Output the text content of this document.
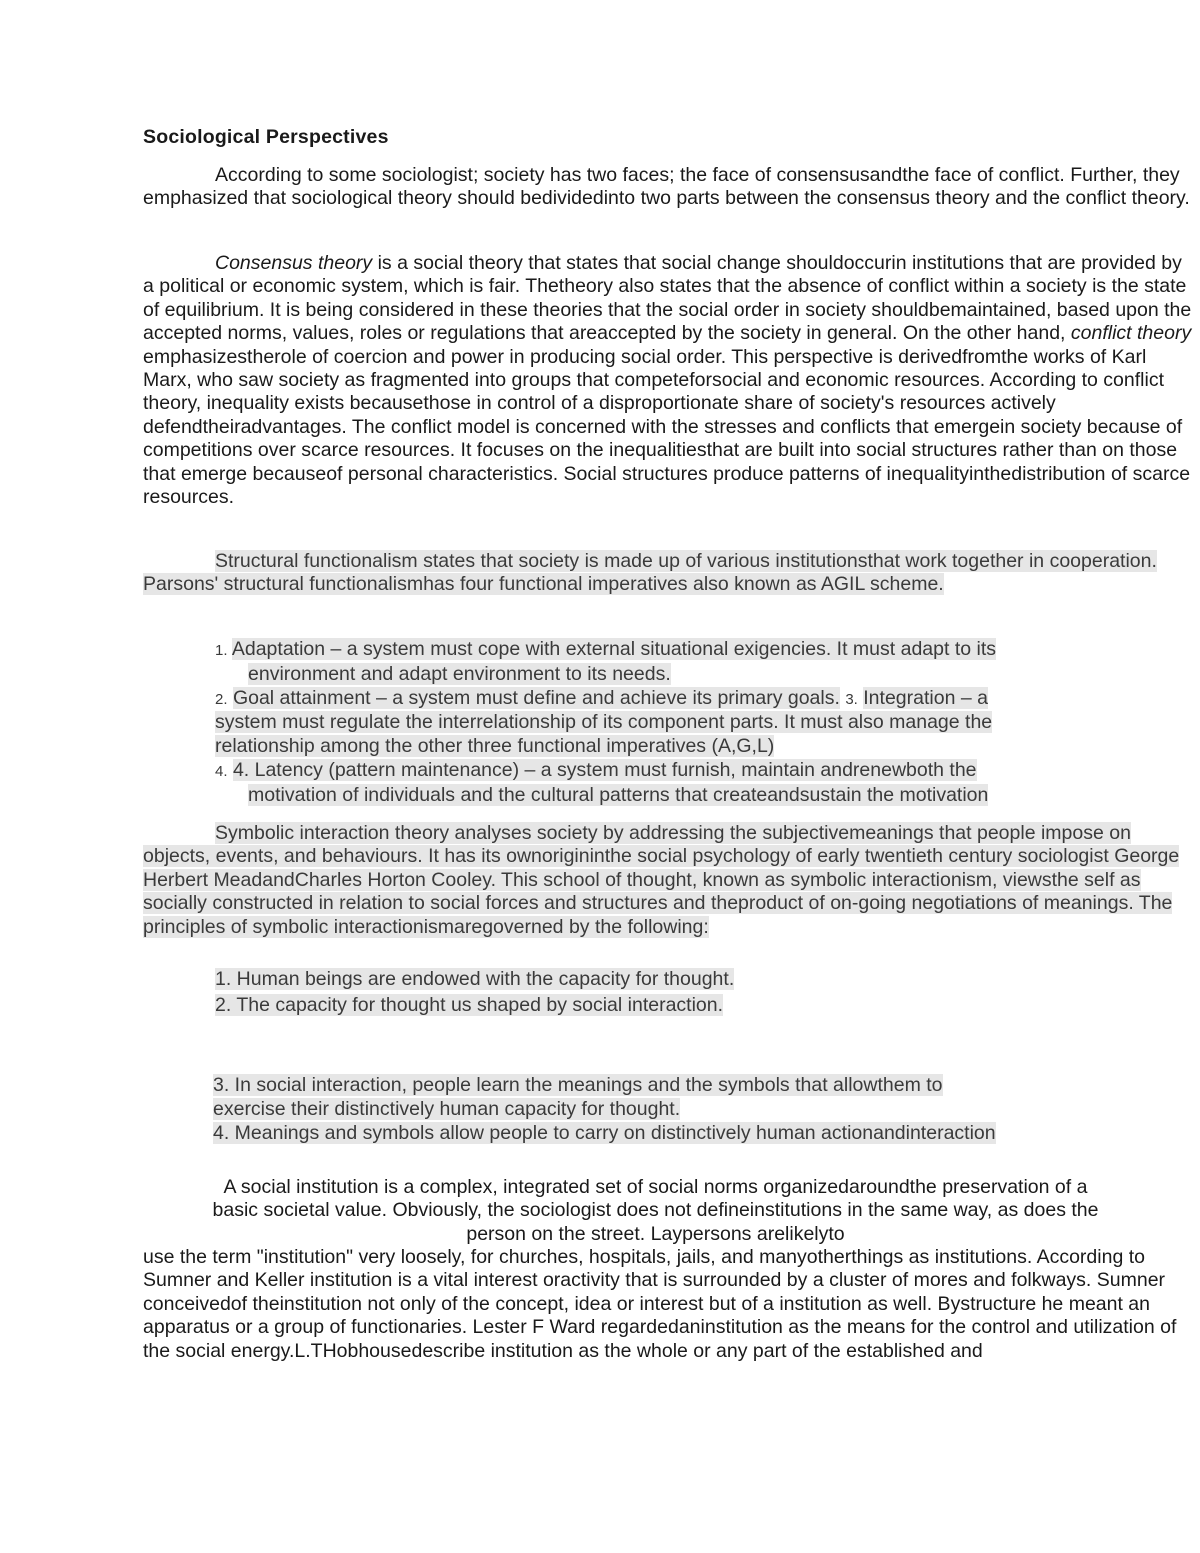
Sociological Perspectives

According to some sociologist; society has two faces; the face of consensusandthe face of conflict. Further, they emphasized that sociological theory should bedividedinto two parts between the consensus theory and the conflict theory.

Consensus theory is a social theory that states that social change shouldoccurin institutions that are provided by a political or economic system, which is fair. Thetheory also states that the absence of conflict within a society is the state of equilibrium. It is being considered in these theories that the social order in society shouldbemaintained, based upon the accepted norms, values, roles or regulations that areaccepted by the society in general. On the other hand, conflict theory emphasizestherole of coercion and power in producing social order. This perspective is derivedfromthe works of Karl Marx, who saw society as fragmented into groups that competeforsocial and economic resources. According to conflict theory, inequality exists becausethose in control of a disproportionate share of society's resources actively defendtheiradvantages. The conflict model is concerned with the stresses and conflicts that emergein society because of competitions over scarce resources. It focuses on the inequalitiesthat are built into social structures rather than on those that emerge becauseof personal characteristics. Social structures produce patterns of inequalityinthedistribution of scarce resources.

Structural functionalism states that society is made up of various institutionsthat work together in cooperation. Parsons' structural functionalismhas four functional imperatives also known as AGIL scheme.

1. Adaptation – a system must cope with external situational exigencies. It must adapt to its
environment and adapt environment to its needs.
2. Goal attainment – a system must define and achieve its primary goals. 3. Integration – a
system must regulate the interrelationship of its component parts. It must also manage the
relationship among the other three functional imperatives (A,G,L)
4. 4. Latency (pattern maintenance) – a system must furnish, maintain andrenewboth the
motivation of individuals and the cultural patterns that createandsustain the motivation

Symbolic interaction theory analyses society by addressing the subjectivemeanings that people impose on objects, events, and behaviours. It has its ownorigininthe social psychology of early twentieth century sociologist George Herbert MeadandCharles Horton Cooley. This school of thought, known as symbolic interactionism, viewsthe self as socially constructed in relation to social forces and structures and theproduct of on-going negotiations of meanings. The principles of symbolic interactionismaregoverned by the following:

1. Human beings are endowed with the capacity for thought.
2. The capacity for thought us shaped by social interaction.
3. In social interaction, people learn the meanings and the symbols that allowthem to
exercise their distinctively human capacity for thought.
4. Meanings and symbols allow people to carry on distinctively human actionandinteraction
A social institution is a complex, integrated set of social norms organizedaroundthe preservation of a
basic societal value. Obviously, the sociologist does not defineinstitutions in the same way, as does the
person on the street. Laypersons arelikelyto

use the term "institution" very loosely, for churches, hospitals, jails, and manyotherthings as institutions. According to Sumner and Keller institution is a vital interest oractivity that is surrounded by a cluster of mores and folkways. Sumner conceivedof theinstitution not only of the concept, idea or interest but of a institution as well. Bystructure he meant an apparatus or a group of functionaries. Lester F Ward regardedaninstitution as the means for the control and utilization of the social energy.L.THobhousedescribe institution as the whole or any part of the established and
